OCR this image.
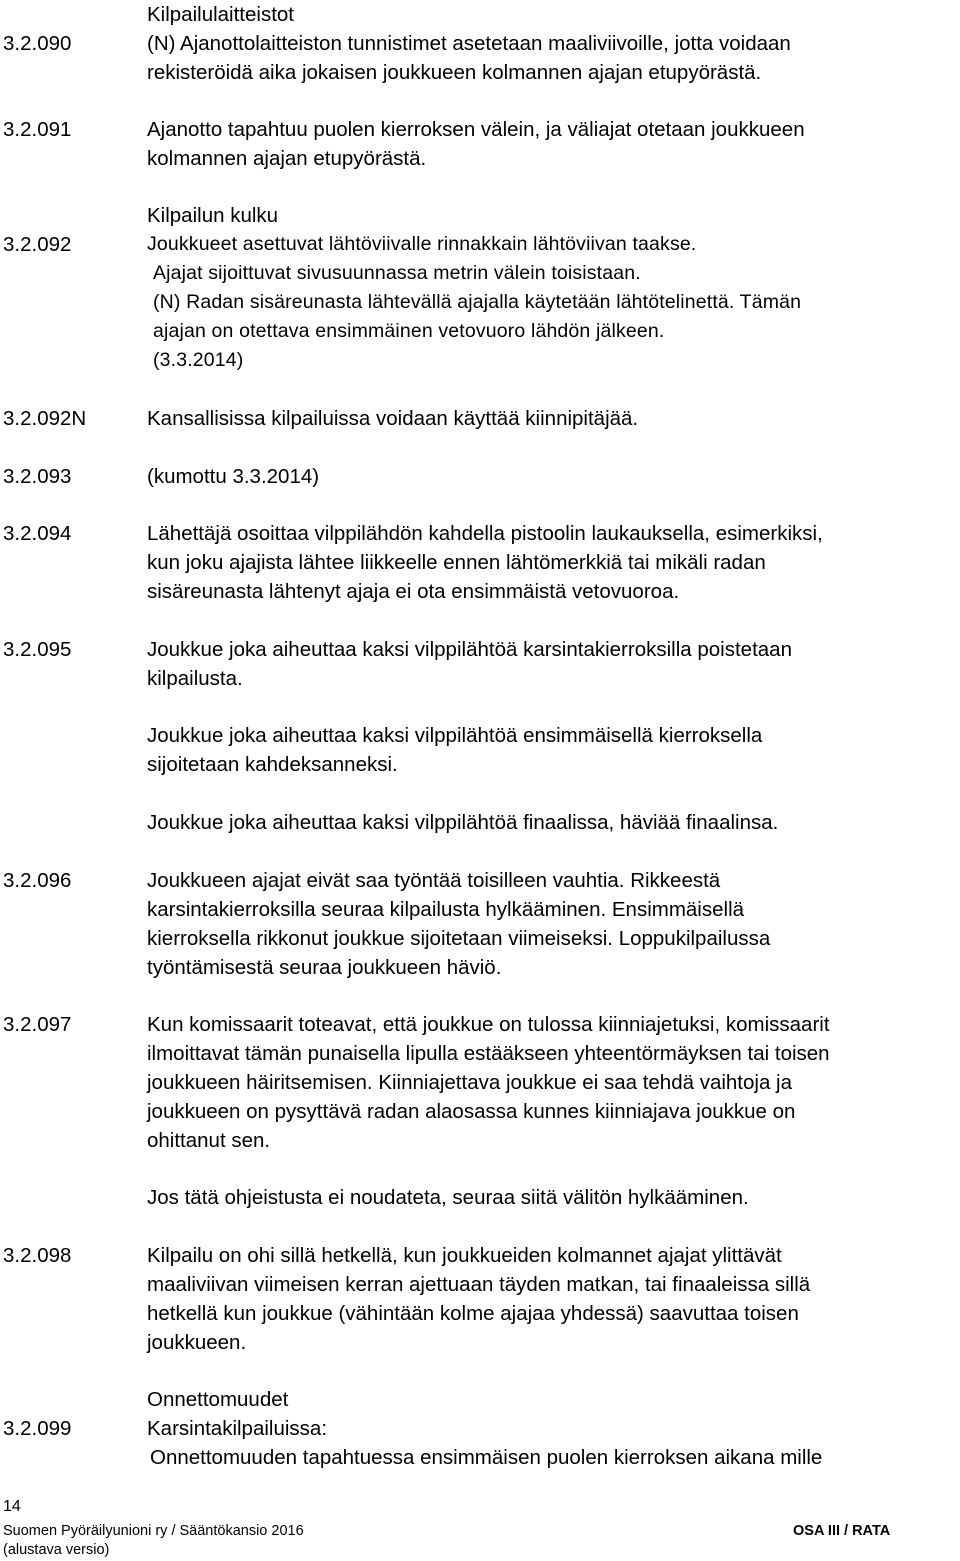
Kilpailulaitteistot

3.2.090	(N) Ajanottolaitteiston tunnistimet asetetaan maaliviivoille, jotta voidaan

rekisteröidä aika jokaisen joukkueen kolmannen ajajan etupyörästä.

3.2.091	Ajanotto tapahtuu puolen kierroksen välein, ja väliajat otetaan joukkueen

kolmannen ajajan etupyörästä.

Kilpailun kulku

3.2.092	Joukkueet asettuvat lähtöviivalle rinnakkain lähtöviivan taakse.

Ajajat sijoittuvat sivusuunnassa metrin välein toisistaan.

(N) Radan sisäreunasta lähtevällä ajajalla käytetään lähtötelinettä. Tämän

ajajan on otettava ensimmäinen vetovuoro lähdön jälkeen.

(3.3.2014)

3.2.092N	Kansallisissa kilpailuissa voidaan käyttää kiinnipitäjää.

3.2.093	(kumottu 3.3.2014)

3.2.094	Lähettäjä osoittaa vilppilähdön kahdella pistoolin laukauksella, esimerkiksi,

kun joku ajajista lähtee liikkeelle ennen lähtömerkkiä tai mikäli radan

sisäreunasta lähtenyt ajaja ei ota ensimmäistä vetovuoroa.

3.2.095	Joukkue joka aiheuttaa kaksi vilppilähtöä karsintakierroksilla poistetaan

kilpailusta.

Joukkue joka aiheuttaa kaksi vilppilähtöä ensimmäisellä kierroksella

sijoitetaan kahdeksanneksi.

Joukkue joka aiheuttaa kaksi vilppilähtöä finaalissa, häviää finaalinsa.

3.2.096	Joukkueen ajajat eivät saa työntää toisilleen vauhtia. Rikkeestä

karsintakierroksilla seuraa kilpailusta hylkääminen. Ensimmäisellä

kierroksella rikkonut joukkue sijoitetaan viimeiseksi. Loppukilpailussa

työntämisestä seuraa joukkueen häviö.

3.2.097	Kun komissaarit toteavat, että joukkue on tulossa kiinniajetuksi, komissaarit

ilmoittavat tämän punaisella lipulla estääkseen yhteentörmäyksen tai toisen

joukkueen häiritsemisen. Kiinniajettava joukkue ei saa tehdä vaihtoja ja

joukkueen on pysyttävä radan alaosassa kunnes kiinniajava joukkue on

ohittanut sen.

Jos tätä ohjeistusta ei noudateta, seuraa siitä välitön hylkääminen.

3.2.098	Kilpailu on ohi sillä hetkellä, kun joukkueiden kolmannet ajajat ylittävät

maaliviivan viimeisen kerran ajettuaan täyden matkan, tai finaaleissa sillä

hetkellä kun joukkue (vähintään kolme ajajaa yhdessä) saavuttaa toisen

joukkueen.

Onnettomuudet

3.2.099	Karsintakilpailuissa:

Onnettomuuden tapahtuessa ensimmäisen puolen kierroksen aikana mille

14
Suomen Pyöräilyunioni ry / Sääntökansio 2016
(alustava versio)
OSA III / RATA
